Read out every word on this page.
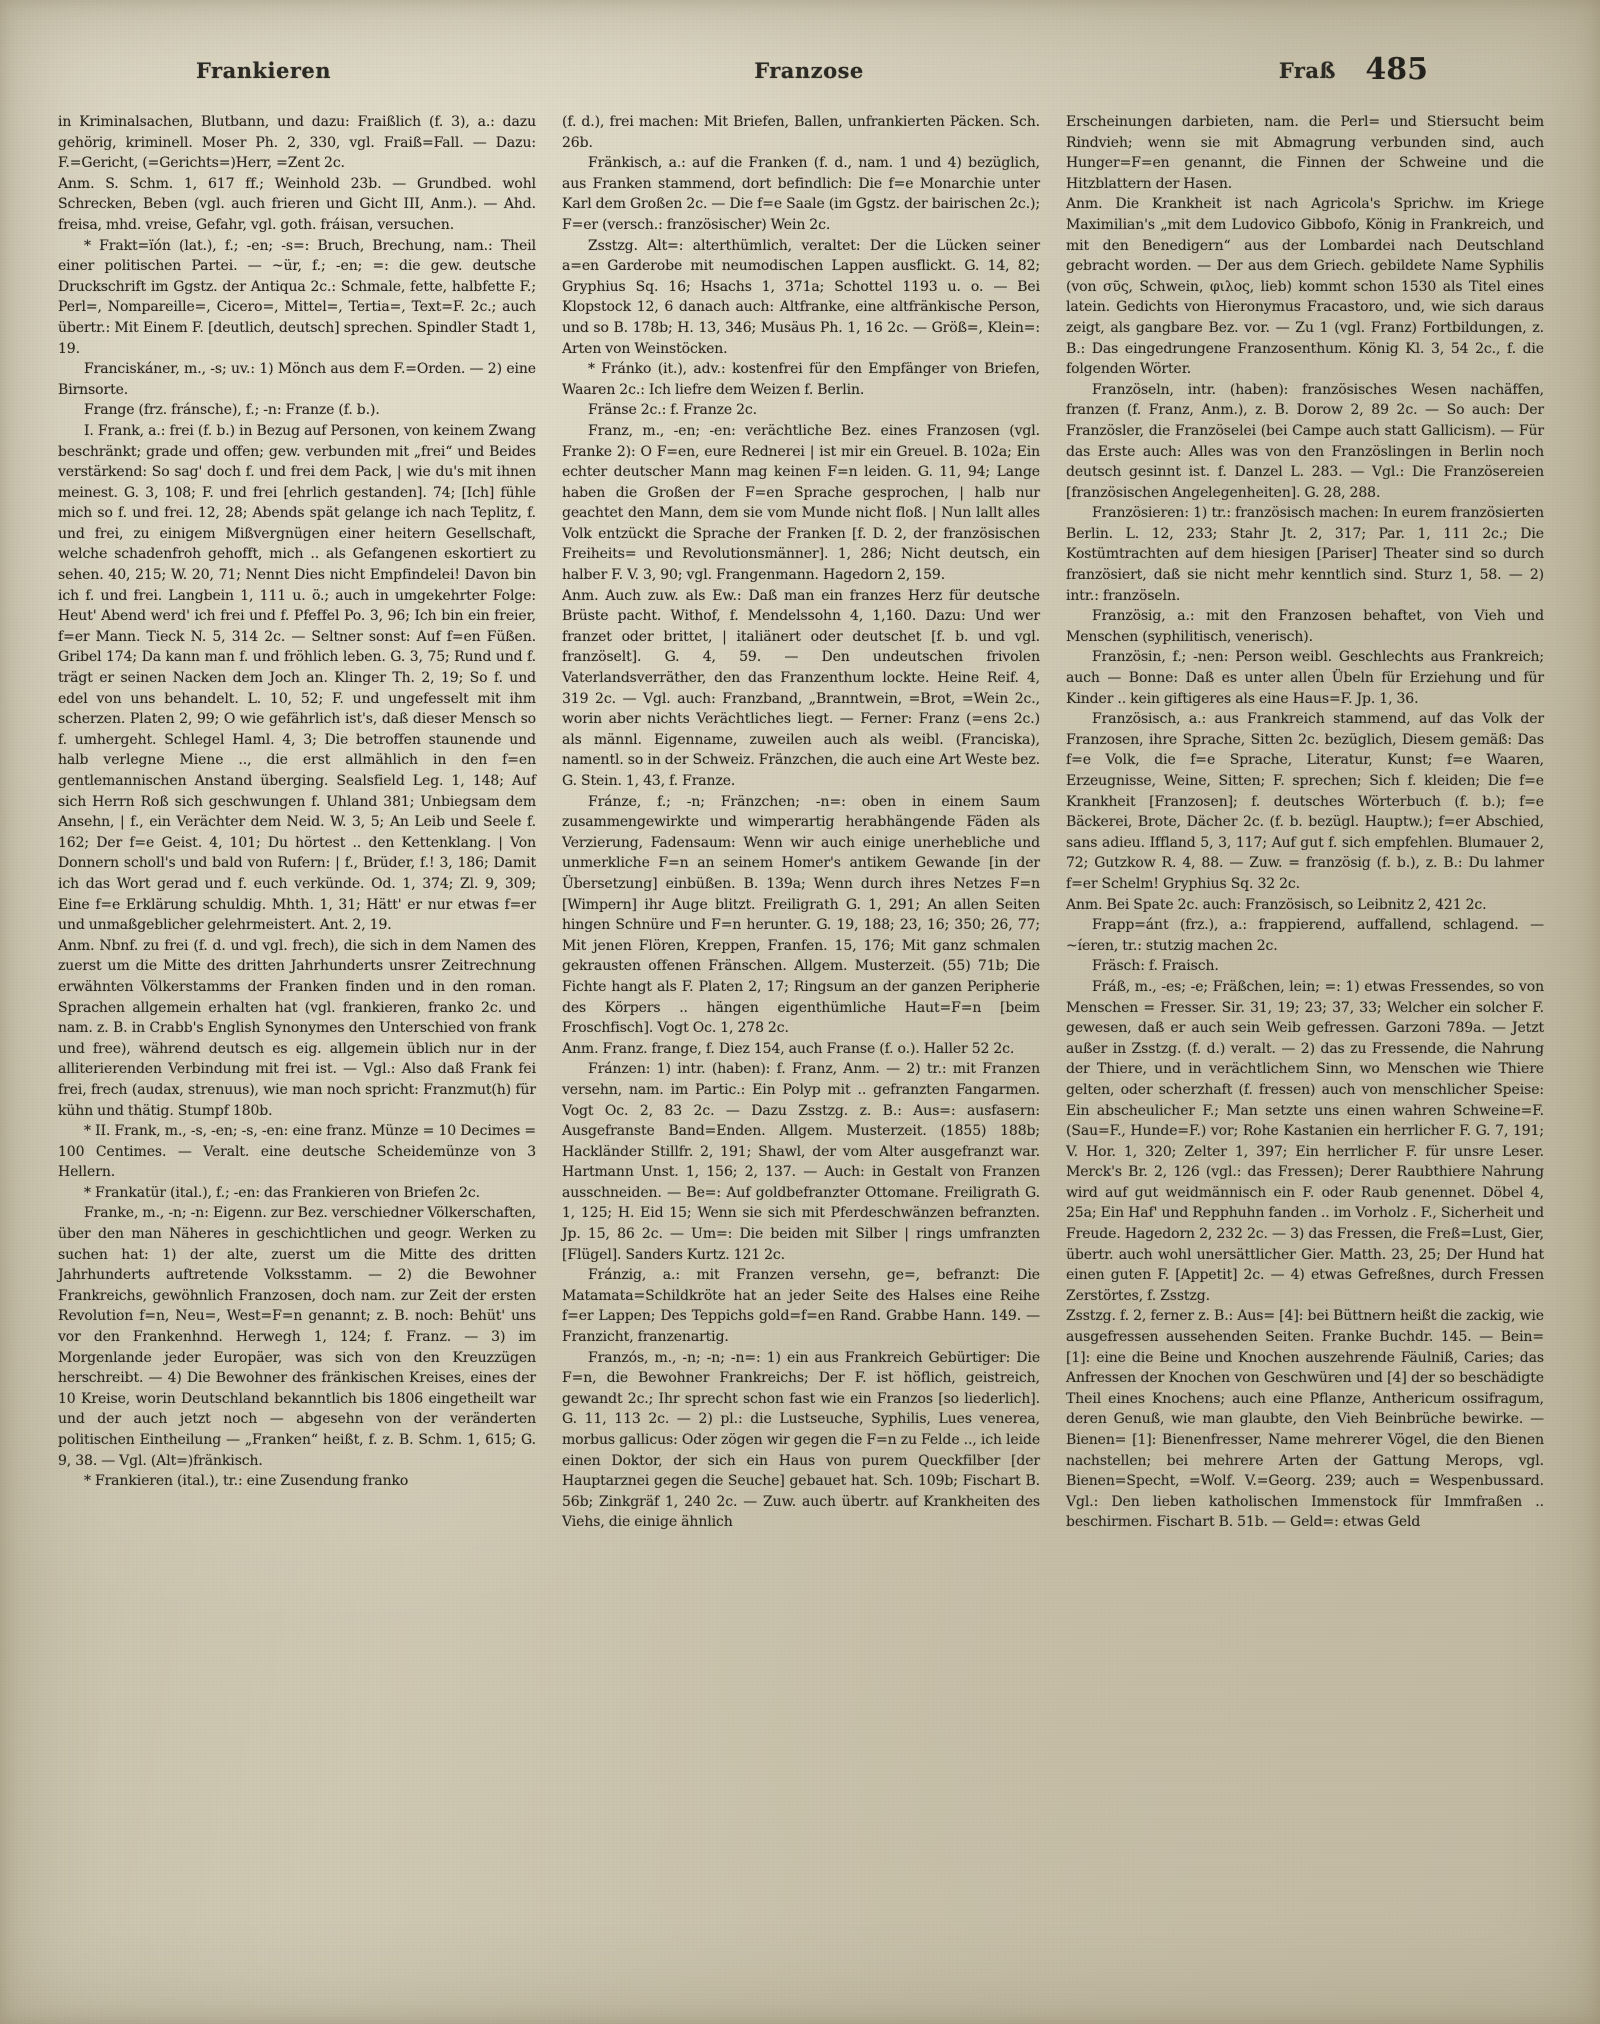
Frankieren	Franzose	Fraß 485

in Kriminalsachen, Blutbann, und dazu: Fraißlich (f. 3), a.: dazu gehörig, kriminell. Moser Ph. 2, 330, vgl. Fraiß=Fall. — Dazu: F.=Gericht, (=Gerichts=)Herr, =Zent 2c.

Anm. S. Schm. 1, 617 ff.; Weinhold 23b. — Grundbed. wohl Schrecken, Beben (vgl. auch frieren und Gicht III, Anm.). — Ahd. freisa, mhd. vreise, Gefahr, vgl. goth. fráisan, versuchen.

* Frakt=ïón (lat.), f.; -en; -s=: Bruch, Brechung, nam.: Theil einer politischen Partei. — ~ür, f.; -en; =: die gew. deutsche Druckschrift im Ggstz. der Antiqua 2c.: Schmale, fette, halbfette F.; Perl=, Nompareille=, Cicero=, Mittel=, Tertia=, Text=F. 2c.; auch übertr.: Mit Einem F. [deutlich, deutsch] sprechen. Spindler Stadt 1, 19.

Franciskáner, m., -s; uv.: 1) Mönch aus dem F.=Orden. — 2) eine Birnsorte.

Frange (frz. fránsche), f.; -n: Franze (f. b.).

I. Frank, a.: frei (f. b.) in Bezug auf Personen, von keinem Zwang beschränkt; grade und offen; gew. verbunden mit „frei“ und Beides verstärkend: So sag' doch f. und frei dem Pack, | wie du's mit ihnen meinest. G. 3, 108; F. und frei [ehrlich gestanden]. 74; [Ich] fühle mich so f. und frei. 12, 28; Abends spät gelange ich nach Teplitz, f. und frei, zu einigem Mißvergnügen einer heitern Gesellschaft, welche schadenfroh gehofft, mich .. als Gefangenen eskortiert zu sehen. 40, 215; W. 20, 71; Nennt Dies nicht Empfindelei! Davon bin ich f. und frei. Langbein 1, 111 u. ö.; auch in umgekehrter Folge: Heut' Abend werd' ich frei und f. Pfeffel Po. 3, 96; Ich bin ein freier, f=er Mann. Tieck N. 5, 314 2c. — Seltner sonst: Auf f=en Füßen. Gribel 174; Da kann man f. und fröhlich leben. G. 3, 75; Rund und f. trägt er seinen Nacken dem Joch an. Klinger Th. 2, 19; So f. und edel von uns behandelt. L. 10, 52; F. und ungefesselt mit ihm scherzen. Platen 2, 99; O wie gefährlich ist's, daß dieser Mensch so f. umhergeht. Schlegel Haml. 4, 3; Die betroffen staunende und halb verlegne Miene .., die erst allmählich in den f=en gentlemannischen Anstand überging. Sealsfield Leg. 1, 148; Auf sich Herrn Roß sich geschwungen f. Uhland 381; Unbiegsam dem Ansehn, | f., ein Verächter dem Neid. W. 3, 5; An Leib und Seele f. 162; Der f=e Geist. 4, 101; Du hörtest .. den Kettenklang. | Von Donnern scholl's und bald von Rufern: | f., Brüder, f.! 3, 186; Damit ich das Wort gerad und f. euch verkünde. Od. 1, 374; Zl. 9, 309; Eine f=e Erklärung schuldig. Mhth. 1, 31; Hätt' er nur etwas f=er und unmaßgeblicher gelehrmeistert. Ant. 2, 19.

Anm. Nbnf. zu frei (f. d. und vgl. frech), die sich in dem Namen des zuerst um die Mitte des dritten Jahrhunderts unsrer Zeitrechnung erwähnten Völkerstamms der Franken finden und in den roman. Sprachen allgemein erhalten hat (vgl. frankieren, franko 2c. und nam. z. B. in Crabb's English Synonymes den Unterschied von frank und free), während deutsch es eig. allgemein üblich nur in der alliterierenden Verbindung mit frei ist. — Vgl.: Also daß Frank fei frei, frech (audax, strenuus), wie man noch spricht: Franzmut(h) für kühn und thätig. Stumpf 180b.

* II. Frank, m., -s, -en; -s, -en: eine franz. Münze = 10 Decimes = 100 Centimes. — Veralt. eine deutsche Scheidemünze von 3 Hellern.

* Frankatür (ital.), f.; -en: das Frankieren von Briefen 2c.

Franke, m., -n; -n: Eigenn. zur Bez. verschiedner Völkerschaften, über den man Näheres in geschichtlichen und geogr. Werken zu suchen hat: 1) der alte, zuerst um die Mitte des dritten Jahrhunderts auftretende Volksstamm. — 2) die Bewohner Frankreichs, gewöhnlich Franzosen, doch nam. zur Zeit der ersten Revolution f=n, Neu=, West=F=n genannt; z. B. noch: Behüt' uns vor den Frankenhnd. Herwegh 1, 124; f. Franz. — 3) im Morgenlande jeder Europäer, was sich von den Kreuzzügen herschreibt. — 4) Die Bewohner des fränkischen Kreises, eines der 10 Kreise, worin Deutschland bekanntlich bis 1806 eingetheilt war und der auch jetzt noch — abgesehn von der veränderten politischen Eintheilung — „Franken“ heißt, f. z. B. Schm. 1, 615; G. 9, 38. — Vgl. (Alt=)fränkisch.

* Frankieren (ital.), tr.: eine Zusendung franko

(f. d.), frei machen: Mit Briefen, Ballen, unfrankierten Päcken. Sch. 26b.

Fränkisch, a.: auf die Franken (f. d., nam. 1 und 4) bezüglich, aus Franken stammend, dort befindlich: Die f=e Monarchie unter Karl dem Großen 2c. — Die f=e Saale (im Ggstz. der bairischen 2c.); F=er (versch.: französischer) Wein 2c.

Zsstzg. Alt=: alterthümlich, veraltet: Der die Lücken seiner a=en Garderobe mit neumodischen Lappen ausflickt. G. 14, 82; Gryphius Sq. 16; Hsachs 1, 371a; Schottel 1193 u. o. — Bei Klopstock 12, 6 danach auch: Altfranke, eine altfränkische Person, und so B. 178b; H. 13, 346; Musäus Ph. 1, 16 2c. — Größ=, Klein=: Arten von Weinstöcken.

* Fránko (it.), adv.: kostenfrei für den Empfänger von Briefen, Waaren 2c.: Ich liefre dem Weizen f. Berlin.

Fränse 2c.: f. Franze 2c.

Franz, m., -en; -en: verächtliche Bez. eines Franzosen (vgl. Franke 2): O F=en, eure Rednerei | ist mir ein Greuel. B. 102a; Ein echter deutscher Mann mag keinen F=n leiden. G. 11, 94; Lange haben die Großen der F=en Sprache gesprochen, | halb nur geachtet den Mann, dem sie vom Munde nicht floß. | Nun lallt alles Volk entzückt die Sprache der Franken [f. D. 2, der französischen Freiheits= und Revolutionsmänner]. 1, 286; Nicht deutsch, ein halber F. V. 3, 90; vgl. Frangenmann. Hagedorn 2, 159.

Anm. Auch zuw. als Ew.: Daß man ein franzes Herz für deutsche Brüste pacht. Withof, f. Mendelssohn 4, 1,160. Dazu: Und wer franzet oder brittet, | italiänert oder deutschet [f. b. und vgl. französelt]. G. 4, 59. — Den undeutschen frivolen Vaterlandsverräther, den das Franzenthum lockte. Heine Reif. 4, 319 2c. — Vgl. auch: Franzband, „Branntwein, =Brot, =Wein 2c., worin aber nichts Verächtliches liegt. — Ferner: Franz (=ens 2c.) als männl. Eigenname, zuweilen auch als weibl. (Franciska), namentl. so in der Schweiz. Fränzchen, die auch eine Art Weste bez. G. Stein. 1, 43, f. Franze.

Fránze, f.; -n; Fränzchen; -n=: oben in einem Saum zusammengewirkte und wimperartig herabhängende Fäden als Verzierung, Fadensaum: Wenn wir auch einige unerhebliche und unmerkliche F=n an seinem Homer's antikem Gewande [in der Übersetzung] einbüßen. B. 139a; Wenn durch ihres Netzes F=n [Wimpern] ihr Auge blitzt. Freiligrath G. 1, 291; An allen Seiten hingen Schnüre und F=n herunter. G. 19, 188; 23, 16; 350; 26, 77; Mit jenen Flören, Kreppen, Franfen. 15, 176; Mit ganz schmalen gekrausten offenen Fränschen. Allgem. Musterzeit. (55) 71b; Die Fichte hangt als F. Platen 2, 17; Ringsum an der ganzen Peripherie des Körpers .. hängen eigenthümliche Haut=F=n [beim Froschfisch]. Vogt Oc. 1, 278 2c.

Anm. Franz. frange, f. Diez 154, auch Franse (f. o.). Haller 52 2c.

Fránzen: 1) intr. (haben): f. Franz, Anm. — 2) tr.: mit Franzen versehn, nam. im Partic.: Ein Polyp mit .. gefranzten Fangarmen. Vogt Oc. 2, 83 2c. — Dazu Zsstzg. z. B.: Aus=: ausfasern: Ausgefranste Band=Enden. Allgem. Musterzeit. (1855) 188b; Hackländer Stillfr. 2, 191; Shawl, der vom Alter ausgefranzt war. Hartmann Unst. 1, 156; 2, 137. — Auch: in Gestalt von Franzen ausschneiden. — Be=: Auf goldbefranzter Ottomane. Freiligrath G. 1, 125; H. Eid 15; Wenn sie sich mit Pferdeschwänzen befranzten. Jp. 15, 86 2c. — Um=: Die beiden mit Silber | rings umfranzten [Flügel]. Sanders Kurtz. 121 2c.

Fránzig, a.: mit Franzen versehn, ge=, befranzt: Die Matamata=Schildkröte hat an jeder Seite des Halses eine Reihe f=er Lappen; Des Teppichs gold=f=en Rand. Grabbe Hann. 149. — Franzicht, franzenartig.

Franzós, m., -n; -n; -n=: 1) ein aus Frankreich Gebürtiger: Die F=n, die Bewohner Frankreichs; Der F. ist höflich, geistreich, gewandt 2c.; Ihr sprecht schon fast wie ein Franzos [so liederlich]. G. 11, 113 2c. — 2) pl.: die Lustseuche, Syphilis, Lues venerea, morbus gallicus: Oder zögen wir gegen die F=n zu Felde .., ich leide einen Doktor, der sich ein Haus von purem Queckfilber [der Hauptarznei gegen die Seuche] gebauet hat. Sch. 109b; Fischart B. 56b; Zinkgräf 1, 240 2c. — Zuw. auch übertr. auf Krankheiten des Viehs, die einige ähnlich

Erscheinungen darbieten, nam. die Perl= und Stiersucht beim Rindvieh; wenn sie mit Abmagrung verbunden sind, auch Hunger=F=en genannt, die Finnen der Schweine und die Hitzblattern der Hasen.

Anm. Die Krankheit ist nach Agricola's Sprichw. im Kriege Maximilian's „mit dem Ludovico Gibbofo, König in Frankreich, und mit den Benedigern“ aus der Lombardei nach Deutschland gebracht worden. — Der aus dem Griech. gebildete Name Syphilis (von σῦς, Schwein, φιλος, lieb) kommt schon 1530 als Titel eines latein. Gedichts von Hieronymus Fracastoro, und, wie sich daraus zeigt, als gangbare Bez. vor. — Zu 1 (vgl. Franz) Fortbildungen, z. B.: Das eingedrungene Franzosenthum. König Kl. 3, 54 2c., f. die folgenden Wörter.

Französeln, intr. (haben): französisches Wesen nachäffen, franzen (f. Franz, Anm.), z. B. Dorow 2, 89 2c. — So auch: Der Französler, die Französelei (bei Campe auch statt Gallicism). — Für das Erste auch: Alles was von den Französlingen in Berlin noch deutsch gesinnt ist. f. Danzel L. 283. — Vgl.: Die Französereien [französischen Angelegenheiten]. G. 28, 288.

Französieren: 1) tr.: französisch machen: In eurem französierten Berlin. L. 12, 233; Stahr Jt. 2, 317; Par. 1, 111 2c.; Die Kostümtrachten auf dem hiesigen [Pariser] Theater sind so durch französiert, daß sie nicht mehr kenntlich sind. Sturz 1, 58. — 2) intr.: französeln.

Französig, a.: mit den Franzosen behaftet, von Vieh und Menschen (syphilitisch, venerisch).

Französin, f.; -nen: Person weibl. Geschlechts aus Frankreich; auch — Bonne: Daß es unter allen Übeln für Erziehung und für Kinder .. kein giftigeres als eine Haus=F. Jp. 1, 36.

Französisch, a.: aus Frankreich stammend, auf das Volk der Franzosen, ihre Sprache, Sitten 2c. bezüglich, Diesem gemäß: Das f=e Volk, die f=e Sprache, Literatur, Kunst; f=e Waaren, Erzeugnisse, Weine, Sitten; F. sprechen; Sich f. kleiden; Die f=e Krankheit [Franzosen]; f. deutsches Wörterbuch (f. b.); f=e Bäckerei, Brote, Dächer 2c. (f. b. bezügl. Hauptw.); f=er Abschied, sans adieu. Iffland 5, 3, 117; Auf gut f. sich empfehlen. Blumauer 2, 72; Gutzkow R. 4, 88. — Zuw. = französig (f. b.), z. B.: Du lahmer f=er Schelm! Gryphius Sq. 32 2c.

Anm. Bei Spate 2c. auch: Französisch, so Leibnitz 2, 421 2c.

Frapp=ánt (frz.), a.: frappierend, auffallend, schlagend. — ~íeren, tr.: stutzig machen 2c.

Fräsch: f. Fraisch.

Fráß, m., -es; -e; Fräßchen, lein; =: 1) etwas Fressendes, so von Menschen = Fresser. Sir. 31, 19; 23; 37, 33; Welcher ein solcher F. gewesen, daß er auch sein Weib gefressen. Garzoni 789a. — Jetzt außer in Zsstzg. (f. d.) veralt. — 2) das zu Fressende, die Nahrung der Thiere, und in verächtlichem Sinn, wo Menschen wie Thiere gelten, oder scherzhaft (f. fressen) auch von menschlicher Speise: Ein abscheulicher F.; Man setzte uns einen wahren Schweine=F. (Sau=F., Hunde=F.) vor; Rohe Kastanien ein herrlicher F. G. 7, 191; V. Hor. 1, 320; Zelter 1, 397; Ein herrlicher F. für unsre Leser. Merck's Br. 2, 126 (vgl.: das Fressen); Derer Raubthiere Nahrung wird auf gut weidmännisch ein F. oder Raub genennet. Döbel 4, 25a; Ein Haf' und Repphuhn fanden .. im Vorholz . F., Sicherheit und Freude. Hagedorn 2, 232 2c. — 3) das Fressen, die Freß=Lust, Gier, übertr. auch wohl unersättlicher Gier. Matth. 23, 25; Der Hund hat einen guten F. [Appetit] 2c. — 4) etwas Gefreßnes, durch Fressen Zerstörtes, f. Zsstzg.

Zsstzg. f. 2, ferner z. B.: Aus= [4]: bei Büttnern heißt die zackig, wie ausgefressen aussehenden Seiten. Franke Buchdr. 145. — Bein= [1]: eine die Beine und Knochen auszehrende Fäulniß, Caries; das Anfressen der Knochen von Geschwüren und [4] der so beschädigte Theil eines Knochens; auch eine Pflanze, Anthericum ossifragum, deren Genuß, wie man glaubte, den Vieh Beinbrüche bewirke. — Bienen= [1]: Bienenfresser, Name mehrerer Vögel, die den Bienen nachstellen; bei mehrere Arten der Gattung Merops, vgl. Bienen=Specht, =Wolf. V.=Georg. 239; auch = Wespenbussard. Vgl.: Den lieben katholischen Immenstock für Immfraßen .. beschirmen. Fischart B. 51b. — Geld=: etwas Geld
